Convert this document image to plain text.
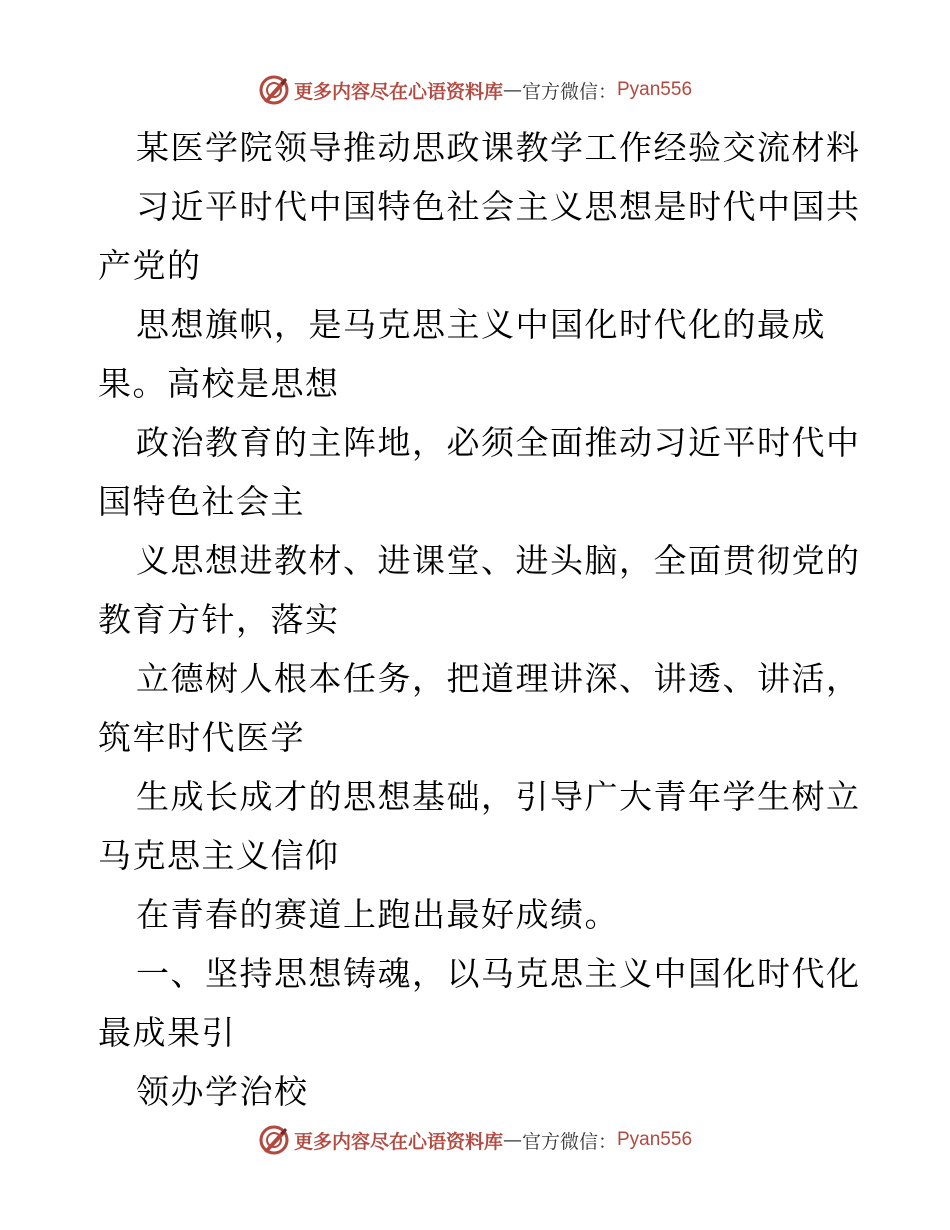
更多内容尽在心语资料库 — 官方微信： Pyan556
某医学院领导推动思政课教学工作经验交流材料
习近平时代中国特色社会主义思想是时代中国共
产党的
思想旗帜，是马克思主义中国化时代化的最成
果。高校是思想
政治教育的主阵地，必须全面推动习近平时代中
国特色社会主
义思想进教材、进课堂、进头脑，全面贯彻党的
教育方针，落实
立德树人根本任务，把道理讲深、讲透、讲活，
筑牢时代医学
生成长成才的思想基础，引导广大青年学生树立
马克思主义信仰
在青春的赛道上跑出最好成绩。
一、坚持思想铸魂，以马克思主义中国化时代化
最成果引
领办学治校
更多内容尽在心语资料库 — 官方微信： Pyan556
